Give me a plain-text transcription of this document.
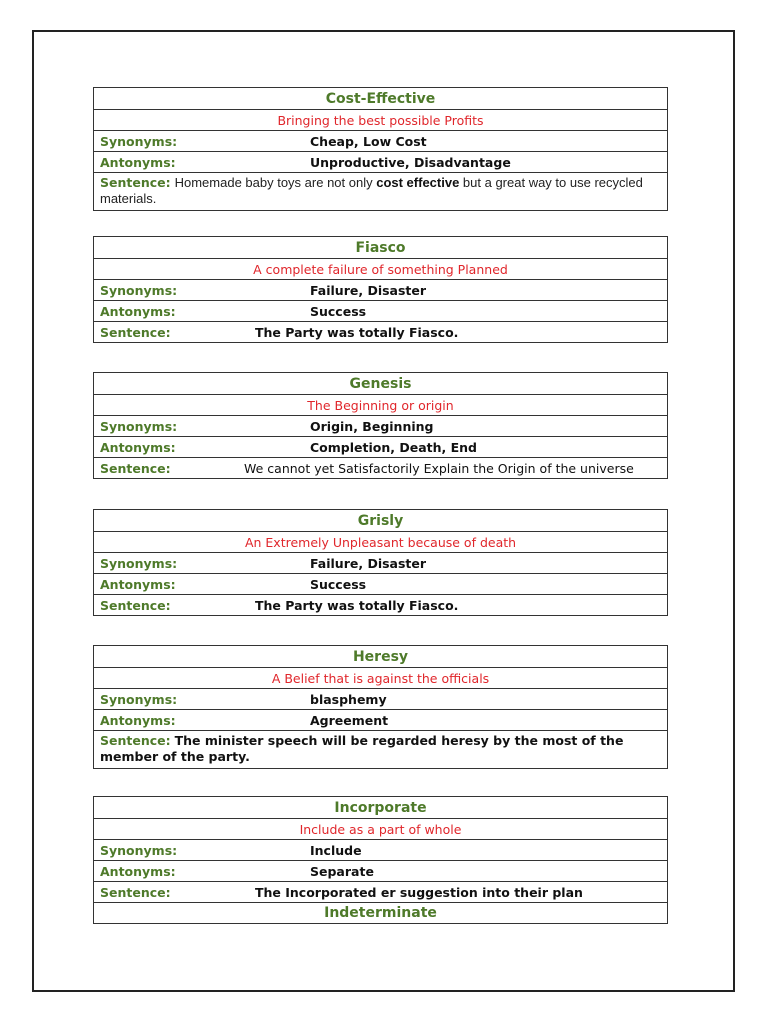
Cost-Effective
Bringing the best possible Profits
Synonyms:	Cheap, Low Cost
Antonyms:	Unproductive, Disadvantage
Sentence: Homemade baby toys are not only cost effective but a great way to use recycled materials.
Fiasco
A complete failure of something Planned
Synonyms:	Failure, Disaster
Antonyms:	Success
Sentence:	The Party was totally Fiasco.
Genesis
The Beginning or origin
Synonyms:	Origin, Beginning
Antonyms:	Completion, Death, End
Sentence:	We cannot yet Satisfactorily Explain the Origin of the universe
Grisly
An Extremely Unpleasant because of death
Synonyms:	Failure, Disaster
Antonyms:	Success
Sentence:	The Party was totally Fiasco.
Heresy
A Belief that is against the officials
Synonyms:	blasphemy
Antonyms:	Agreement
Sentence: The minister speech will be regarded heresy by the most of the member of the party.
Incorporate
Include as a part of whole
Synonyms:	Include
Antonyms:	Separate
Sentence:	The Incorporated er suggestion into their plan
Indeterminate
